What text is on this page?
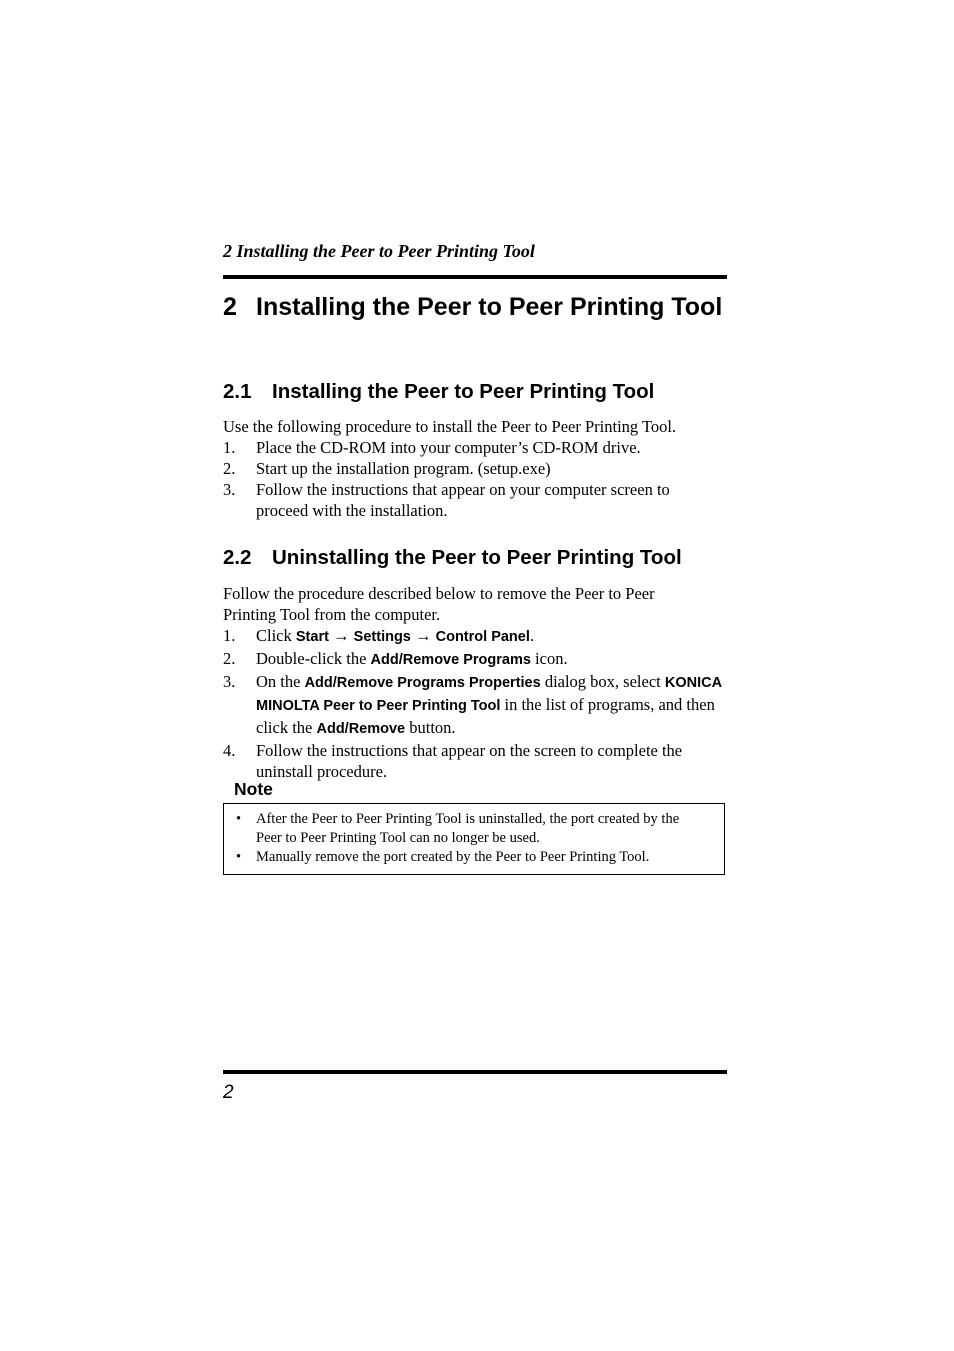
2 Installing the Peer to Peer Printing Tool
2 Installing the Peer to Peer Printing Tool
2.1	Installing the Peer to Peer Printing Tool
Use the following procedure to install the Peer to Peer Printing Tool.
1.	Place the CD-ROM into your computer’s CD-ROM drive.
2.	Start up the installation program. (setup.exe)
3.	Follow the instructions that appear on your computer screen to proceed with the installation.
2.2	Uninstalling the Peer to Peer Printing Tool
Follow the procedure described below to remove the Peer to Peer Printing Tool from the computer.
1.	Click Start → Settings → Control Panel.
2.	Double-click the Add/Remove Programs icon.
3.	On the Add/Remove Programs Properties dialog box, select KONICA MINOLTA Peer to Peer Printing Tool in the list of programs, and then click the Add/Remove button.
4.	Follow the instructions that appear on the screen to complete the uninstall procedure.
Note
•	After the Peer to Peer Printing Tool is uninstalled, the port created by the Peer to Peer Printing Tool can no longer be used.
•	Manually remove the port created by the Peer to Peer Printing Tool.
2
